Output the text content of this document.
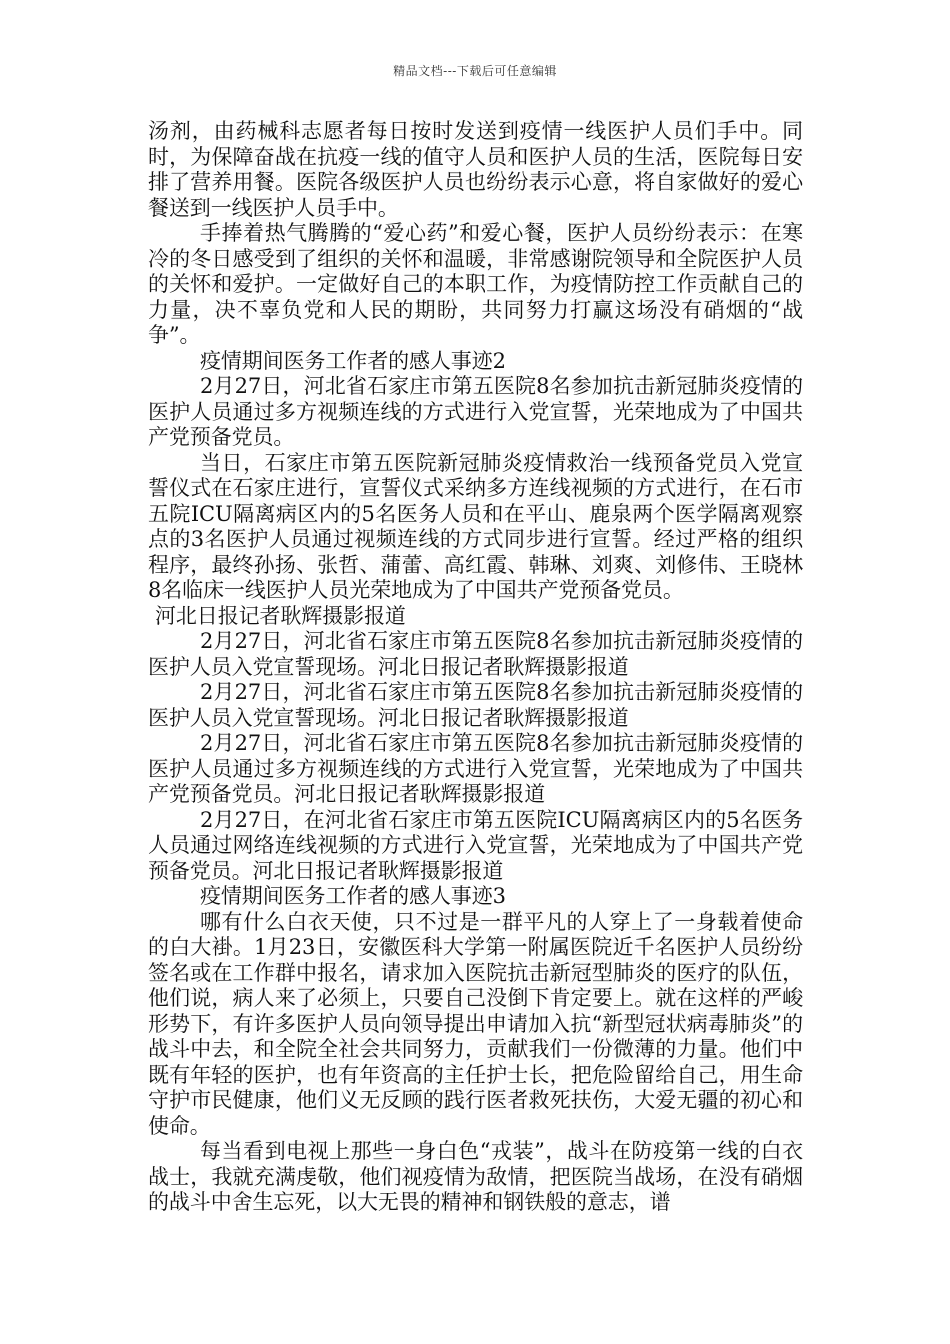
精品文档---下载后可任意编辑

汤剂，由药械科志愿者每日按时发送到疫情一线医护人员们手中。同时，为保障奋战在抗疫一线的值守人员和医护人员的生活，医院每日安排了营养用餐。医院各级医护人员也纷纷表示心意，将自家做好的爱心餐送到一线医护人员手中。

手捧着热气腾腾的“爱心药”和爱心餐，医护人员纷纷表示：在寒冷的冬日感受到了组织的关怀和温暖，非常感谢院领导和全院医护人员的关怀和爱护。一定做好自己的本职工作，为疫情防控工作贡献自己的力量，决不辜负党和人民的期盼，共同努力打赢这场没有硝烟的“战争”。

疫情期间医务工作者的感人事迹2

2月27日，河北省石家庄市第五医院8名参加抗击新冠肺炎疫情的医护人员通过多方视频连线的方式进行入党宣誓，光荣地成为了中国共产党预备党员。

当日，石家庄市第五医院新冠肺炎疫情救治一线预备党员入党宣誓仪式在石家庄进行，宣誓仪式采纳多方连线视频的方式进行，在石市五院ICU隔离病区内的5名医务人员和在平山、鹿泉两个医学隔离观察点的3名医护人员通过视频连线的方式同步进行宣誓。经过严格的组织程序，最终孙扬、张哲、蒲蕾、高红霞、韩琳、刘爽、刘修伟、王晓林8名临床一线医护人员光荣地成为了中国共产党预备党员。

河北日报记者耿辉摄影报道

2月27日，河北省石家庄市第五医院8名参加抗击新冠肺炎疫情的医护人员入党宣誓现场。河北日报记者耿辉摄影报道

2月27日，河北省石家庄市第五医院8名参加抗击新冠肺炎疫情的医护人员入党宣誓现场。河北日报记者耿辉摄影报道

2月27日，河北省石家庄市第五医院8名参加抗击新冠肺炎疫情的医护人员通过多方视频连线的方式进行入党宣誓，光荣地成为了中国共产党预备党员。河北日报记者耿辉摄影报道

2月27日，在河北省石家庄市第五医院ICU隔离病区内的5名医务人员通过网络连线视频的方式进行入党宣誓，光荣地成为了中国共产党预备党员。河北日报记者耿辉摄影报道

疫情期间医务工作者的感人事迹3

哪有什么白衣天使，只不过是一群平凡的人穿上了一身载着使命的白大褂。1月23日，安徽医科大学第一附属医院近千名医护人员纷纷签名或在工作群中报名，请求加入医院抗击新冠型肺炎的医疗的队伍，他们说，病人来了必须上，只要自己没倒下肯定要上。就在这样的严峻形势下，有许多医护人员向领导提出申请加入抗“新型冠状病毒肺炎”的战斗中去，和全院全社会共同努力，贡献我们一份微薄的力量。他们中既有年轻的医护，也有年资高的主任护士长，把危险留给自己，用生命守护市民健康，他们义无反顾的践行医者救死扶伤，大爱无疆的初心和使命。

每当看到电视上那些一身白色“戎装”，战斗在防疫第一线的白衣战士，我就充满虔敬，他们视疫情为敌情，把医院当战场，在没有硝烟的战斗中舍生忘死，以大无畏的精神和钢铁般的意志，谱
